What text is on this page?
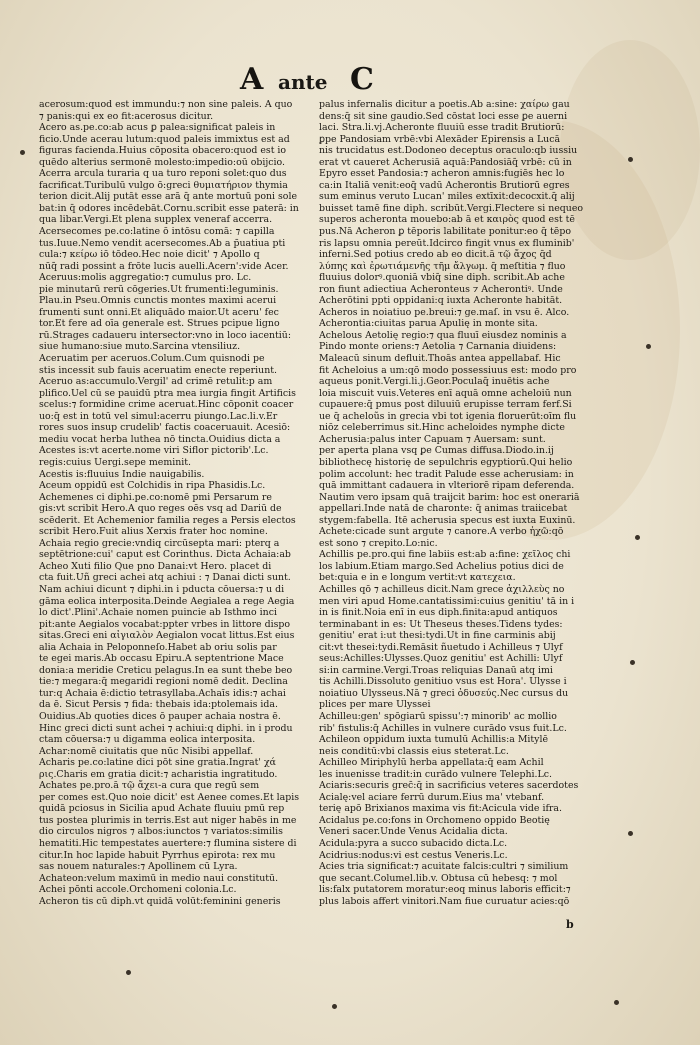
A ante C
acerosum:quod est immundu:⁊ non sine paleis. A quo
⁊ panis:qui ex eo fit:acerosus dicitur.
Acero as.pe.co:ab acus ꝑ palea:significat paleis in
ficio.Unde acerau lutum:quod paleis immixtus est ad
figuras facienda.Huius cōposita obacero:quod est io
quēdo alterius sermonē molesto:impedio:oū obijcio.
Acerra arcula turaria q ua turo reponi solet:quo dus
facrificat.Turibulū vulgo ō:greci θυμιατήριον thymia
terion dicit.Alij putāt esse arā q̄ ante mortuū poni sole
bat:in q̄ odores incēdebāt.Cornu.scribit esse paterā: in
qua libar.Vergi.Et plena supplex veneraf accerra.
Acersecomes pe.co:latine ō intōsu comā: ⁊ capilla
tus.Iuue.Nemo vendit acersecomes.Ab a p̄uatiua pti
cula:⁊ κείρω iō tōdeo.Hec noie dicit' ⁊ Apollo q
nūq̄ radi possint a frōte lucis auelli.Acern':vide Acer.
Aceruus:molis aggregatio:⁊ cumulus pro. Lc.
pie minutarū rerū cōgeries.Ut frumenti:leguminis.
Plau.in Pseu.Omnis cunctis montes maximi acerui
frumenti sunt onni.Et aliquādo maior.Ut aceru' fec
tor.Et fere ad oīa generale est. Strues pcipue ligno
rū.Strages cadaueru intersector:vno in loco iacentiū:
siue humano:siue muto.Sarcina vtensiliuz.
Aceruatim per aceruos.Colum.Cum quisnodi pe
stis incessit sub fauis aceruatim enecte reperiunt.
Aceruo as:accumulo.Vergil' ad crimē retulit:p am
plifico.Uel cū se pauidū ptra mea iurgia fingit Artificis
scelus:⁊ formidine crime aceruat.Hinc cōponit coacer
uo:q̄ est in totū vel simul:acerru piungo.Lac.li.v.Er
rores suos insup crudelib' factis coaceruauit. Acesiō:
mediu vocat herba luthea nō tincta.Ouidius dicta a
Acestes is:vt acerte.nome viri Siflor pictorib'.Lc.
regis:cuius Uergi.sepe meminit.
Acestis is:fluuius Indie nauigabilis.
Aceum oppidū est Colchidis in ripa Phasidis.Lc.
Achemenes ci diphi.pe.co:nomē pmi Persarum re
gis:vt scribit Hero.A quo reges oēs vsq ad Dariū de
scēderit. Et Achemenior familia reges a Persis electos
scribit Hero.Fuit alius Xerxis frater hoc nomine.
Achaia regio grecie:vndiq circūsepta mari: pterq a
septētrione:cui' caput est Corinthus. Dicta Achaia:ab
Acheo Xuti filio Que pno Danai:vt Hero. placet di
cta fuit.Uñ greci achei atq achiui : ⁊ Danai dicti sunt.
Nam achiui dicunt ⁊ diphi.in i pducta cōuersa:⁊ u di
gāma eolica interposita.Deinde Aegialea a rege Aegia
lo dict'.Plini'.Achaie nomen puincie ab Isthmo inci
pit:ante Aegialos vocabat:ppter vrbes in littore dispo
sitas.Greci eni αἰγιαλὸν Aegialon vocat littus.Est eius
alia Achaia in Peloponneſo.Habet ab oriu solis par
te egei maris.Ab occasu Epiru.A septentrione Mace
donia:a meridie Creticu pelagus.In ea sunt thebe beo
tie:⁊ megara:q̄ megaridi regioni nomē dedit. Declina
tur:q Achaia ē:dictio tetrasyllaba.Achaīs idis:⁊ achai
da ē. Sicut Persis ⁊ fida: thebais ida:ptolemais ida.
Ouidius.Ab quoties dices ō pauper achaia nostra ē.
Hinc greci dicti sunt achei ⁊ achiui:q diphi. in i produ
ctam cōuersa:⁊ u digamma eolica interposita.
Achar:nomē ciuitatis que nūc Nisibi appellaf.
Acharis pe.co:latine dici pōt sine gratia.Ingrat' χά
ρις.Charis em gratia dicit:⁊ acharistia ingratitudo.
Achates pe.pro.ā τῷ ἄχει-a cura que regū sem
per comes est.Quo noie dicit' est Aenee comes.Et lapis
quidā pciosus in Sicilia apud Achate fluuiu pmū rep
tus postea plurimis in terris.Est aut niger habēs in me
dio circulos nigros ⁊ albos:iunctos ⁊ variatos:similis
hematiti.Hic tempestates auertere:⁊ flumina sistere di
citur.In hoc lapide habuit Pyrrhus epirota: rex mu
sas nouem naturales:⁊ Apollinem cū Lyra.
Achateon:velum maximū in medio naui constitutū.
Achei pōnti accole.Orchomeni colonia.Lc.
Acheron tis cū diph.vt quidā volūt:feminini generis
palus infernalis dicitur a poetis.Ab a:sine: χαίρω gau
dens:q̄ sit sine gaudio.Sed cōstat loci esse ꝑe auerni
laci. Stra.li.vj.Acheronte fluuiū esse tradit Brutiorū:
ꝑpe Pandosiam vrbē:vbi Alexāder Epirensis a Lucā
nis trucidatus est.Dodoneo deceptus oraculo:qb iussiu
erat vt caueret Acherusiā aquā:Pandosiāq̄ vrbē: cū in
Epyro esset Pandosia:⁊ acheron amnis:fugiēs hec lo
ca:in Italiā venit:eoq̄ vadū Acherontis Brutiorū egres
sum eminus veruto Lucan' miles extīxit:decocxit.q̄ alij
buisset tamē fine diph. scribūt.Vergi.Flectere si nequeo
superos acheronta mouebo:ab ā et καιρὸς quod est tē
pus.Nā Acheron ꝑ tēporis labilitate ponitur:eo q̄ tēpo
ris lapsu omnia pereūt.Idcirco fingit vnus ex fluminib'
inferni.Sed potius credo ab eo dicit.ā τῷ ἄχος q̄d
λύπης καὶ ἐρωτιάμενῆς τῆμ ἄλγωμ. q̄ meſtitia ⁊ fluo
fluuius dolorꝰ.quoniā vbiq̄ sine diph. scribit.Ab ache
ron fiunt adiectiua Acheronteus ⁊ Acherontiꝰ. Unde
Acherōtini ppti oppidani:q iuxta Acheronte habitāt.
Acheros in noiatiuo pe.breui:⁊ ge.maſ. in vsu ē. Alco.
Acherontia:ciuitas parua Apulię in monte sita.
Achelous Aetolię regio:⁊ qua fluuī eiusdez nominis a
Pindo monte oriens:⁊ Aetolia ⁊ Carnania diuidens:
Maleacū sinum defluit.Thoās antea appellabaf. Hic
fit Acheloius a um:qō modo possessiuus est: modo pro
aqueus ponit.Vergi.li.j.Geor.Poculaq̄ inuētis ache
loia miscuit vuis.Veteres enī aquā omne acheloiū nun
cupauere:q̄ pmus post diluuiū erupisse terram ferf.Si
ue q̄ acheloũs in grecia vbi tot igenia floruerūt:oīm flu
niōz celeberrimus sit.Hinc acheloides nymphe dicte
Acherusia:palus inter Capuam ⁊ Auersam: sunt.
per aperta plana vsq ꝑe Cumas diffusa.Diodo.in.ij
bibliothecę historię de sepulchris egyptiorū.Qui helio
polim accolunt: hec tradit Palude esse acherusiam: in
quā immittant cadauera in vlteriorē ripam deferenda.
Nautim vero ipsam quā traijcit barim: hoc est onerariā
appellari.Inde natā de charonte: q̄ animas traiicebat
stygem:fabella. Itē acherusia specus est iuxta Euxinū.
Achete:cicade sunt argute ⁊ canore.A verbo ἠχῶ:qō
est sono ⁊ crepito.Lo:nic.
Achillis pe.pro.qui fine labiis est:ab a:fine: χεῖλος chi
los labium.Etiam margo.Sed Achelius potius dici de
bet:quia e in e longum vertit:vt κατεχεια.
Achilles qō ⁊ achilleus dicit.Nam grece ἀχιλλεὺς no
men viri apud Home.cantatissimi:cuius genitiu' tā in i
in is finit.Noia enī in eus diph.finita:apud antiquos
terminabant in es: Ut Theseus theses.Tidens tydes:
genitiu' erat i:ut thesi:tydi.Ut in fine carminis abij
cit:vt thesei:tydi.Remāsit ñuetudo i Achilleus ⁊ Ulyf
seus:Achilles:Ulysses.Quoz genitiu' est Achilli: Ulyf
si:in carmine.Vergi.Troas reliquias Danaū atq imi
tis Achilli.Dissoluto genitiuo vsus est Hora'. Ulysse i
noiatiuo Ulysseus.Nā ⁊ greci ὀδυσεύς.Nec cursus du
plices per mare Ulyssei
Achilleu:gen' spōgiarū spissu':⁊ minorib' ac mollio
rib' fistulis:q̄ Achilles in vulnere curādo vsus fuit.Lc.
Achileon oppidum iuxta tumulū Achillis:a Mitylē
neis conditū:vbi classis eius steterat.Lc.
Achilleo Miriphylū herba appellata:q̄ eam Achil
les inuenisse tradit:in curādo vulnere Telephi.Lc.
Aciaris:securis grec̄:q̄ in sacrificius veteres sacerdotes
Acialę:vel aciare ferrū durum.Eius ma' vtebanf.
terię apō Brixianos maxima vis fit:Acicula vide ifra.
Acidalus pe.co:fons in Orchomeno oppido Beotię
Veneri sacer.Unde Venus Acidalia dicta.
Acidula:pyra a succo subacido dicta.Lc.
Acidrius:nodus:vi est cestus Veneris.Lc.
Acies tria significat:⁊ acuitate falcis:cultri ⁊ similium
que secant.Columel.lib.v. Obtusa cū hebesq: ⁊ mol
lis:falx putatorem moratur:eoq minus laboris efficit:⁊
plus labois affert vinitori.Nam fiue curuatur acies:qō
b
